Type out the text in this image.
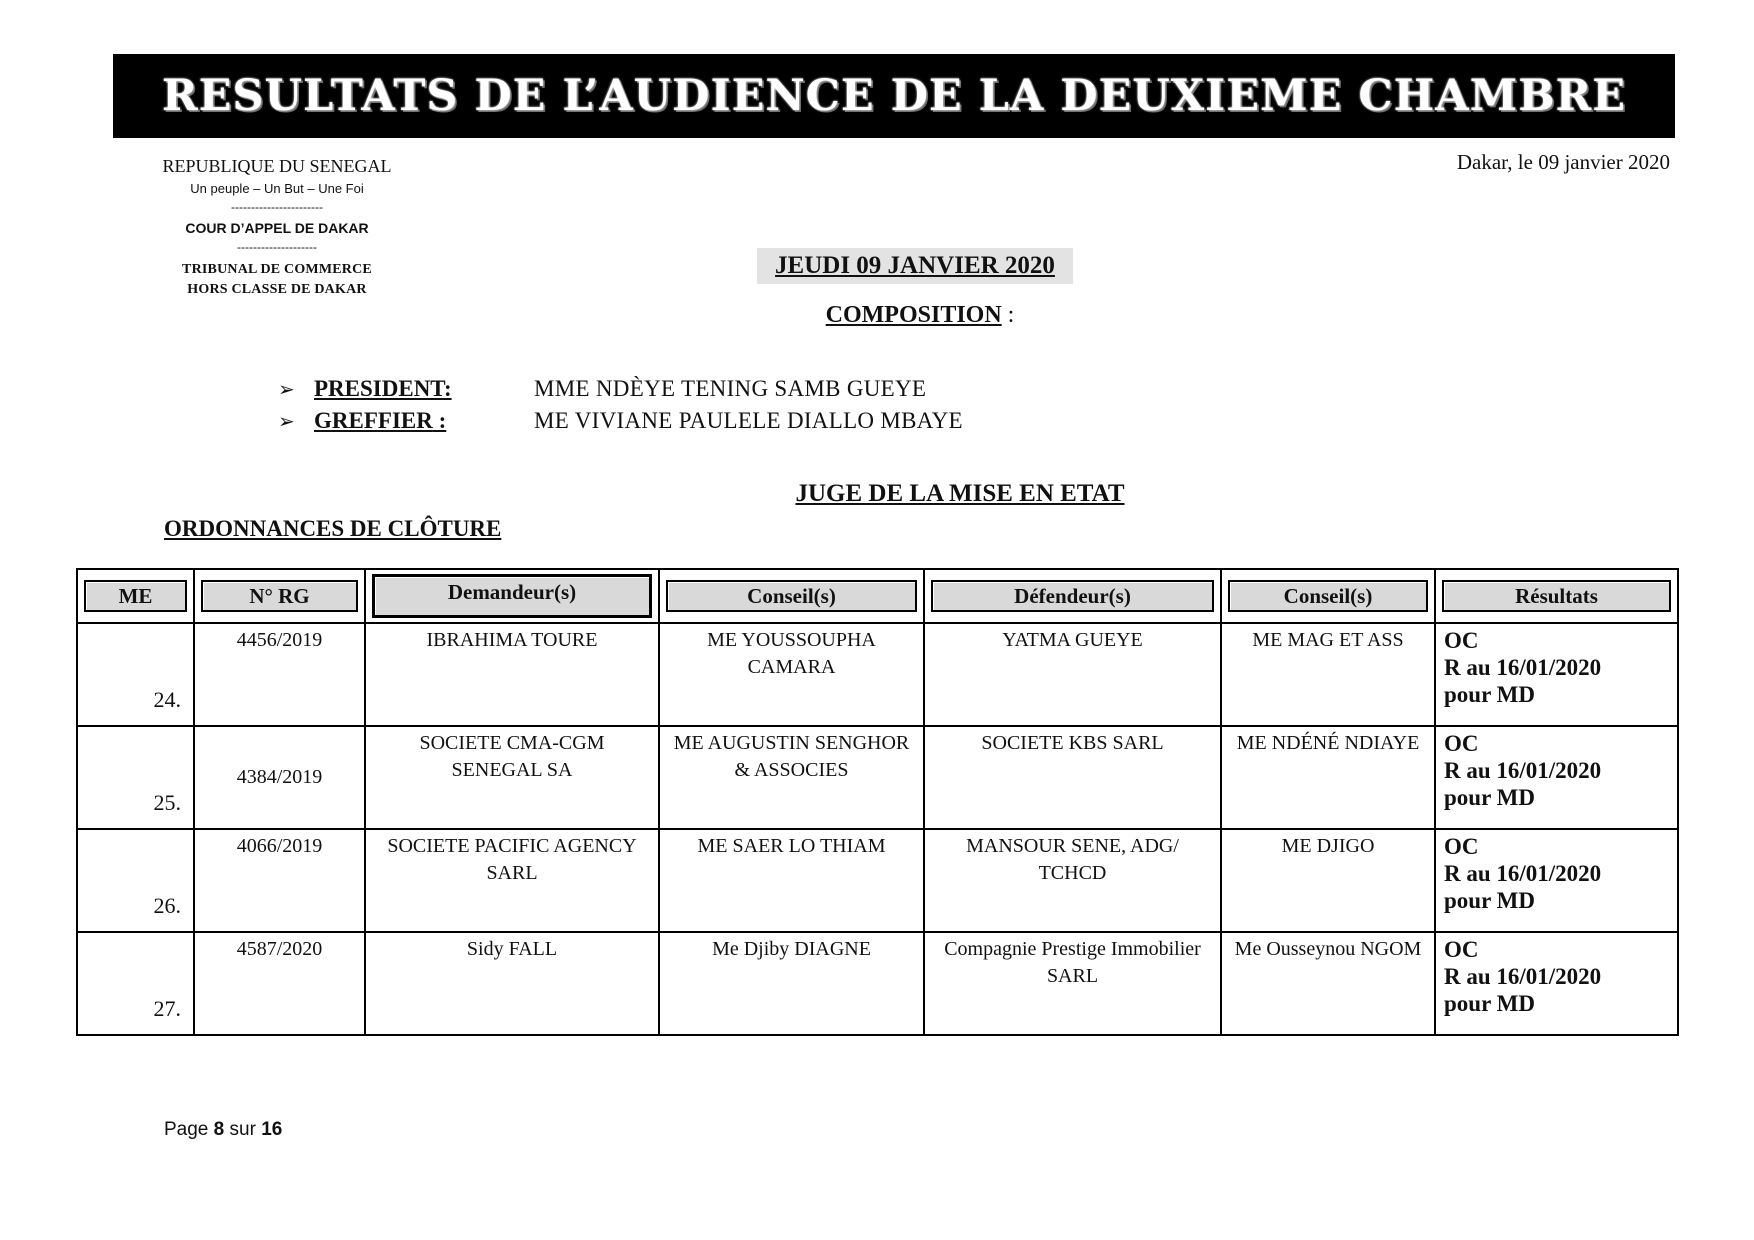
RESULTATS DE L’AUDIENCE DE LA DEUXIEME CHAMBRE
REPUBLIQUE DU SENEGAL
Un peuple – Un But – Une Foi
-----------------------
COUR D’APPEL DE DAKAR
--------------------
TRIBUNAL DE COMMERCE
HORS CLASSE DE DAKAR
Dakar, le 09 janvier 2020
JEUDI 09 JANVIER 2020
COMPOSITION :
➢ PRESIDENT:	MME NDÈYE TENING SAMB GUEYE
➢ GREFFIER :	ME VIVIANE PAULELE DIALLO MBAYE
JUGE DE LA MISE EN ETAT
ORDONNANCES DE CLÔTURE
ME	N° RG	Demandeur(s)	Conseil(s)	Défendeur(s)	Conseil(s)	Résultats

24.	4456/2019	IBRAHIMA TOURE	ME YOUSSOUPHA CAMARA	YATMA GUEYE	ME MAG ET ASS	OC
R au 16/01/2020
pour MD

25.	4384/2019	SOCIETE CMA-CGM SENEGAL SA	ME AUGUSTIN SENGHOR & ASSOCIES	SOCIETE KBS SARL	ME NDÉNÉ NDIAYE	OC
R au 16/01/2020
pour MD

26.	4066/2019	SOCIETE PACIFIC AGENCY SARL	ME SAER LO THIAM	MANSOUR SENE, ADG/ TCHCD	ME DJIGO	OC
R au 16/01/2020
pour MD

27.	4587/2020	Sidy FALL	Me Djiby DIAGNE	Compagnie Prestige Immobilier SARL	Me Ousseynou NGOM	OC
R au 16/01/2020
pour MD
Page 8 sur 16
